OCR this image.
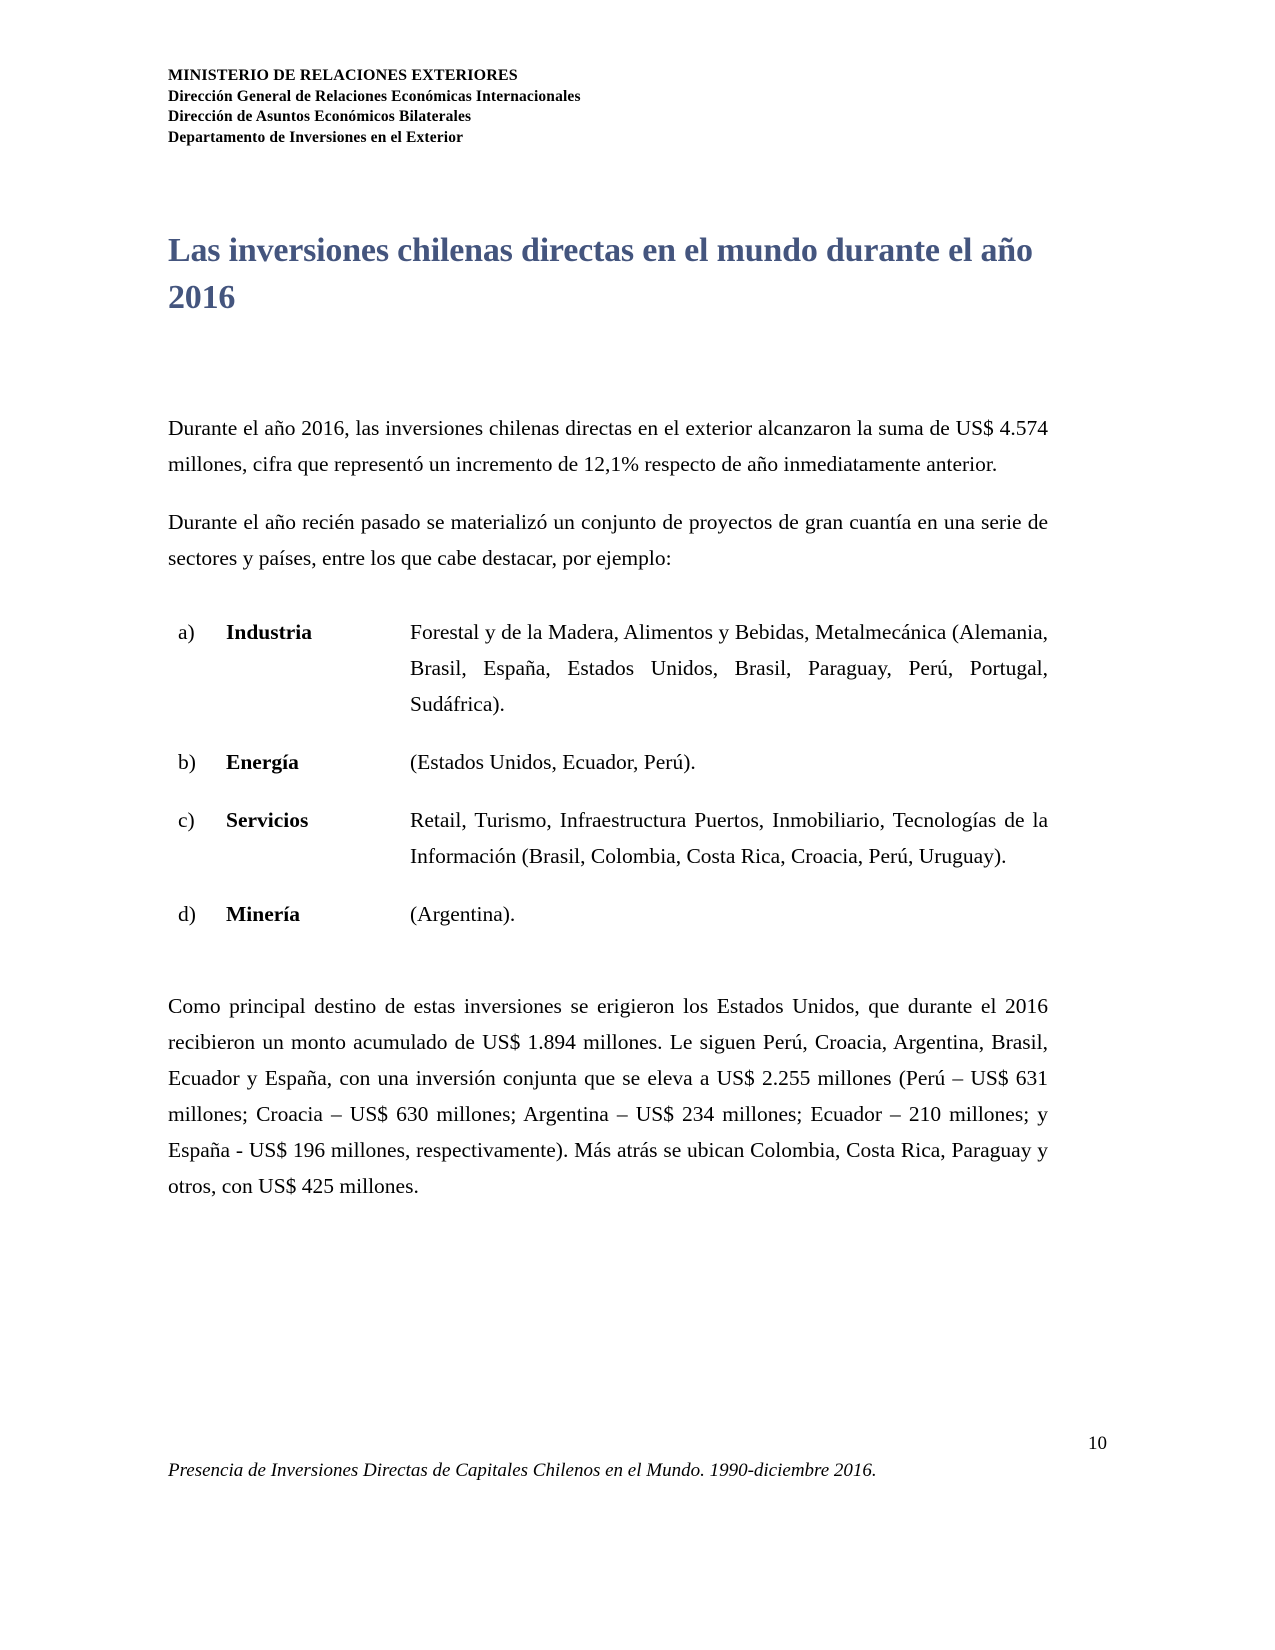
MINISTERIO DE RELACIONES EXTERIORES
Dirección General de Relaciones Económicas Internacionales
Dirección de Asuntos Económicos Bilaterales
Departamento de Inversiones en el Exterior
Las inversiones chilenas directas en el mundo durante el año 2016

Durante el año 2016, las inversiones chilenas directas en el exterior alcanzaron la suma de US$ 4.574 millones, cifra que representó un incremento de 12,1% respecto de año inmediatamente anterior.

Durante el año recién pasado se materializó un conjunto de proyectos de gran cuantía en una serie de sectores y países, entre los que cabe destacar, por ejemplo:

a)	Industria	Forestal y de la Madera, Alimentos y Bebidas, Metalmecánica (Alemania, Brasil, España, Estados Unidos, Brasil, Paraguay, Perú, Portugal, Sudáfrica).
b)	Energía	(Estados Unidos, Ecuador, Perú).
c)	Servicios	Retail, Turismo, Infraestructura Puertos, Inmobiliario, Tecnologías de la Información (Brasil, Colombia, Costa Rica, Croacia, Perú, Uruguay).
d)	Minería	(Argentina).

Como principal destino de estas inversiones se erigieron los Estados Unidos, que durante el 2016 recibieron un monto acumulado de US$ 1.894 millones. Le siguen Perú, Croacia, Argentina, Brasil, Ecuador y España, con una inversión conjunta que se eleva a US$ 2.255 millones (Perú – US$ 631 millones; Croacia – US$ 630 millones; Argentina – US$ 234 millones; Ecuador – 210 millones; y España - US$ 196 millones, respectivamente). Más atrás se ubican Colombia, Costa Rica, Paraguay y otros, con US$ 425 millones.

10
Presencia de Inversiones Directas de Capitales Chilenos en el Mundo. 1990-diciembre 2016.
